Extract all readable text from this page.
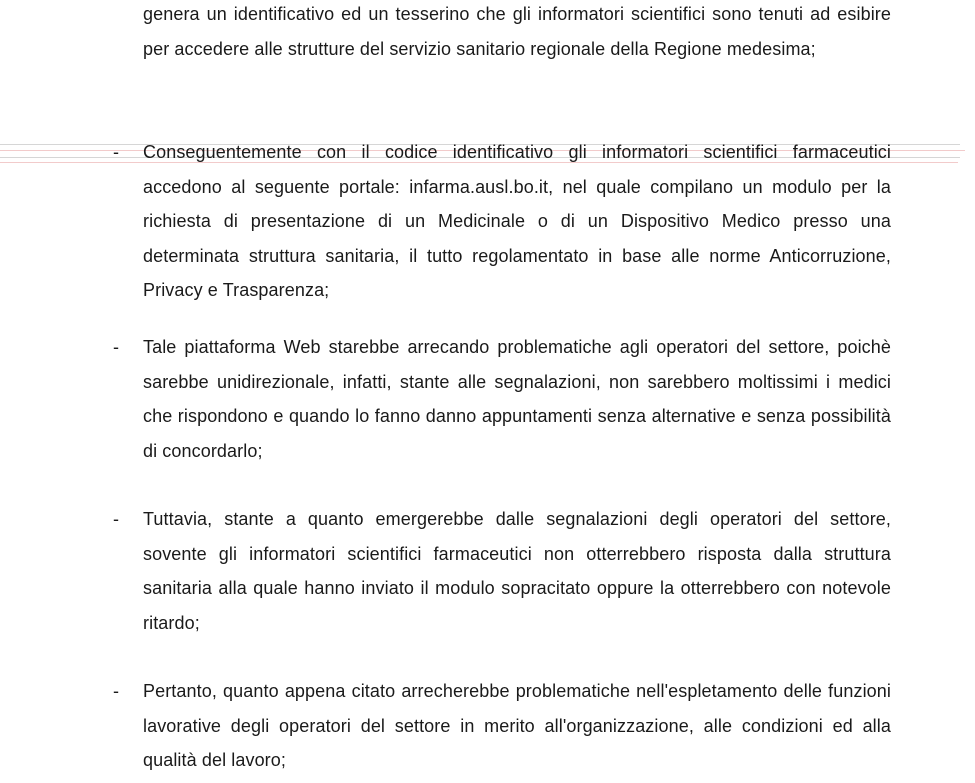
genera un identificativo ed un tesserino che gli informatori scientifici sono tenuti ad esibire per accedere alle strutture del servizio sanitario regionale della Regione medesima;

- Conseguentemente con il codice identificativo gli informatori scientifici farmaceutici accedono al seguente portale: infarma.ausl.bo.it, nel quale compilano un modulo per la richiesta di presentazione di un Medicinale o di un Dispositivo Medico presso una determinata struttura sanitaria, il tutto regolamentato in base alle norme Anticorruzione, Privacy e Trasparenza;

- Tale piattaforma Web starebbe arrecando problematiche agli operatori del settore, poichè sarebbe unidirezionale, infatti, stante alle segnalazioni, non sarebbero moltissimi i medici che rispondono e quando lo fanno danno appuntamenti senza alternative e senza possibilità di concordarlo;

- Tuttavia, stante a quanto emergerebbe dalle segnalazioni degli operatori del settore, sovente gli informatori scientifici farmaceutici non otterrebbero risposta dalla struttura sanitaria alla quale hanno inviato il modulo sopracitato oppure la otterrebbero con notevole ritardo;

- Pertanto, quanto appena citato arrecherebbe problematiche nell'espletamento delle funzioni lavorative degli operatori del settore in merito all'organizzazione, alle condizioni ed alla qualità del lavoro;
